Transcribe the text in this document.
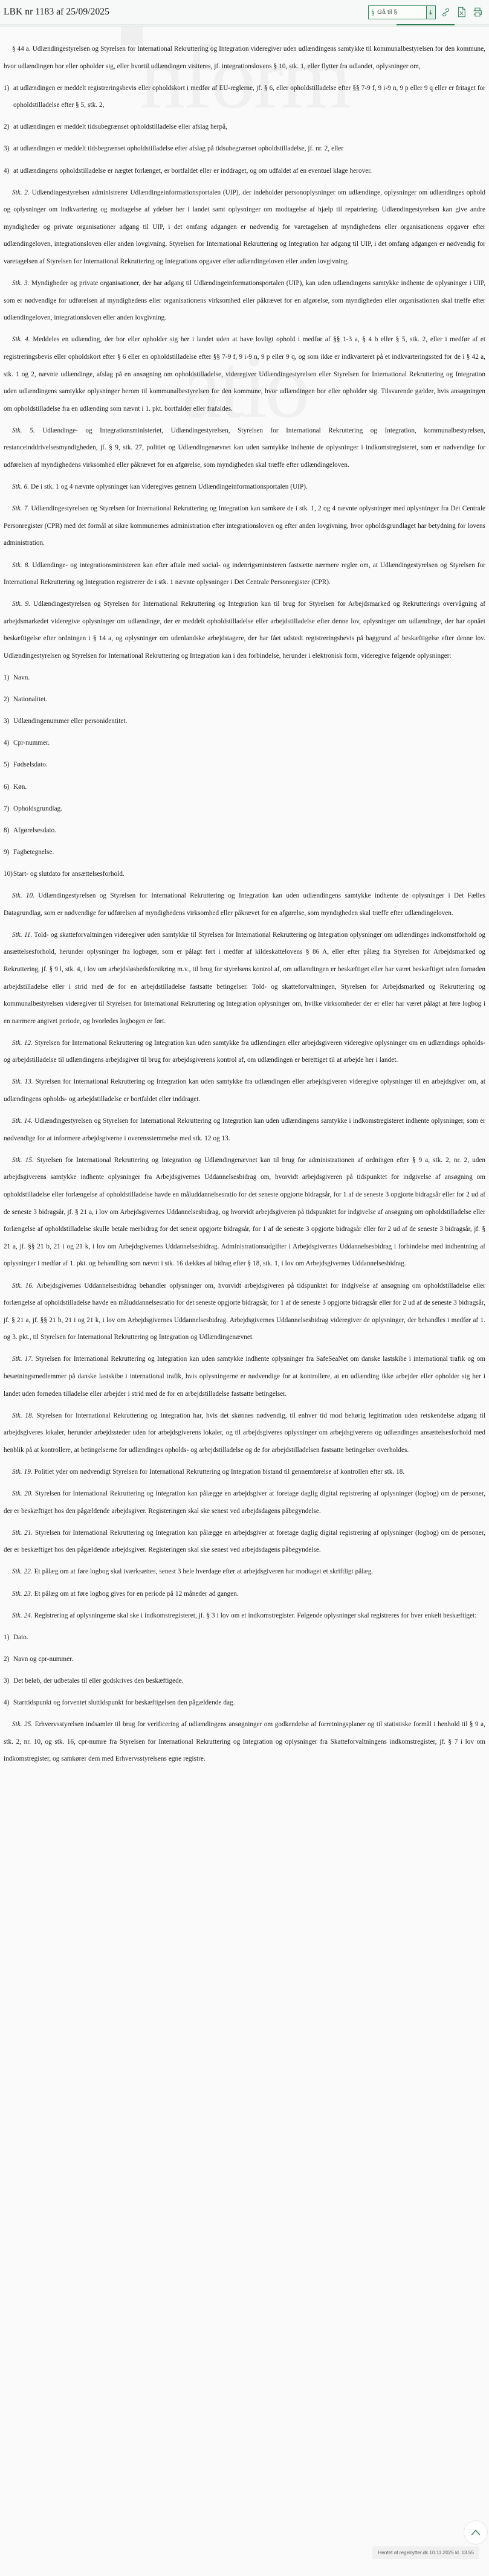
LBK nr 1183 af 25/09/2025	§ Gå til §

§ 44 a. Udlændingestyrelsen og Styrelsen for International Rekruttering og Integration videregiver uden udlændingens samtykke til kommunalbestyrelsen for den kommune, hvor udlændingen bor eller opholder sig, eller hvortil udlændingen visiteres, jf. integrationslovens § 10, stk. 1, eller flytter fra udlandet, oplysninger om,

1) at udlændingen er meddelt registreringsbevis eller opholdskort i medfør af EU-reglerne, jf. § 6, eller opholdstilladelse efter §§ 7-9 f, 9 i-9 n, 9 p eller 9 q eller er fritaget for opholdstilladelse efter § 5, stk. 2,

2) at udlændingen er meddelt tidsubegrænset opholdstilladelse eller afslag herpå,

3) at udlændingen er meddelt tidsbegrænset opholdstilladelse efter afslag på tidsubegrænset opholdstilladelse, jf. nr. 2, eller

4) at udlændingens opholdstilladelse er nægtet forlænget, er bortfaldet eller er inddraget, og om udfaldet af en eventuel klage herover.

Stk. 2. Udlændingestyrelsen administrerer Udlændingeinformationsportalen (UIP), der indeholder personoplysninger om udlændinge, oplysninger om udlændinges ophold og oplysninger om indkvartering og modtagelse af ydelser her i landet samt oplysninger om modtagelse af hjælp til repatriering. Udlændingestyrelsen kan give andre myndigheder og private organisationer adgang til UIP, i det omfang adgangen er nødvendig for varetagelsen af myndighedens eller organisationens opgaver efter udlændingeloven, integrationsloven eller anden lovgivning. Styrelsen for International Rekruttering og Integration har adgang til UIP, i det omfang adgangen er nødvendig for varetagelsen af Styrelsen for International Rekruttering og Integrations opgaver efter udlændingeloven eller anden lovgivning.

Stk. 3. Myndigheder og private organisationer, der har adgang til Udlændingeinformationsportalen (UIP), kan uden udlændingens samtykke indhente de oplysninger i UIP, som er nødvendige for udførelsen af myndighedens eller organisationens virksomhed eller påkrævet for en afgørelse, som myndigheden eller organisationen skal træffe efter udlændingeloven, integrationsloven eller anden lovgivning.

Stk. 4. Meddeles en udlænding, der bor eller opholder sig her i landet uden at have lovligt ophold i medfør af §§ 1-3 a, § 4 b eller § 5, stk. 2, eller i medfør af et registreringsbevis eller opholdskort efter § 6 eller en opholdstilladelse efter §§ 7-9 f, 9 i-9 n, 9 p eller 9 q, og som ikke er indkvarteret på et indkvarteringssted for de i § 42 a, stk. 1 og 2, nævnte udlændinge, afslag på en ansøgning om opholdstilladelse, videregiver Udlændingestyrelsen eller Styrelsen for International Rekruttering og Integration uden udlændingens samtykke oplysninger herom til kommunalbestyrelsen for den kommune, hvor udlændingen bor eller opholder sig. Tilsvarende gælder, hvis ansøgningen om opholdstilladelse fra en udlænding som nævnt i 1. pkt. bortfalder eller frafaldes.

Stk. 5. Udlændinge- og Integrationsministeriet, Udlændingestyrelsen, Styrelsen for International Rekruttering og Integration, kommunalbestyrelsen, restanceinddrivelsesmyndigheden, jf. § 9, stk. 27, politiet og Udlændingenævnet kan uden samtykke indhente de oplysninger i indkomstregisteret, som er nødvendige for udførelsen af myndighedens virksomhed eller påkrævet for en afgørelse, som myndigheden skal træffe efter udlændingeloven.

Stk. 6. De i stk. 1 og 4 nævnte oplysninger kan videregives gennem Udlændingeinformationsportalen (UIP).

Stk. 7. Udlændingestyrelsen og Styrelsen for International Rekruttering og Integration kan samkøre de i stk. 1, 2 og 4 nævnte oplysninger med oplysninger fra Det Centrale Personregister (CPR) med det formål at sikre kommunernes administration efter integrationsloven og efter anden lovgivning, hvor opholdsgrundlaget har betydning for lovens administration.

Stk. 8. Udlændinge- og integrationsministeren kan efter aftale med social- og indenrigsministeren fastsætte nærmere regler om, at Udlændingestyrelsen og Styrelsen for International Rekruttering og Integration registrerer de i stk. 1 nævnte oplysninger i Det Centrale Personregister (CPR).

Stk. 9. Udlændingestyrelsen og Styrelsen for International Rekruttering og Integration kan til brug for Styrelsen for Arbejdsmarked og Rekrutterings overvågning af arbejdsmarkedet videregive oplysninger om udlændinge, der er meddelt opholdstilladelse eller arbejdstilladelse efter denne lov, oplysninger om udlændinge, der har opnået beskæftigelse efter ordningen i § 14 a, og oplysninger om udenlandske arbejdstagere, der har fået udstedt registreringsbevis på baggrund af beskæftigelse efter denne lov. Udlændingestyrelsen og Styrelsen for International Rekruttering og Integration kan i den forbindelse, herunder i elektronisk form, videregive følgende oplysninger:

1) Navn.

2) Nationalitet.

3) Udlændingenummer eller personidentitet.

4) Cpr-nummer.

5) Fødselsdato.

6) Køn.

7) Opholdsgrundlag.

8) Afgørelsesdato.

9) Fagbetegnelse.

10)Start- og slutdato for ansættelsesforhold.

Stk. 10. Udlændingestyrelsen og Styrelsen for International Rekruttering og Integration kan uden udlændingens samtykke indhente de oplysninger i Det Fælles Datagrundlag, som er nødvendige for udførelsen af myndighedens virksomhed eller påkrævet for en afgørelse, som myndigheden skal træffe efter udlændingeloven.

Stk. 11. Told- og skatteforvaltningen videregiver uden samtykke til Styrelsen for International Rekruttering og Integration oplysninger om udlændinges indkomstforhold og ansættelsesforhold, herunder oplysninger fra logbøger, som er pålagt ført i medfør af kildeskattelovens § 86 A, eller efter pålæg fra Styrelsen for Arbejdsmarked og Rekruttering, jf. § 9 l, stk. 4, i lov om arbejdsløshedsforsikring m.v., til brug for styrelsens kontrol af, om udlændingen er beskæftiget eller har været beskæftiget uden fornøden arbejdstilladelse eller i strid med de for en arbejdstilladelse fastsatte betingelser. Told- og skatteforvaltningen, Styrelsen for Arbejdsmarked og Rekruttering og kommunalbestyrelsen videregiver til Styrelsen for International Rekruttering og Integration oplysninger om, hvilke virksomheder der er eller har været pålagt at føre logbog i en nærmere angivet periode, og hvorledes logbogen er ført.

Stk. 12. Styrelsen for International Rekruttering og Integration kan uden samtykke fra udlændingen eller arbejdsgiveren videregive oplysninger om en udlændings opholds- og arbejdstilladelse til udlændingens arbejdsgiver til brug for arbejdsgiverens kontrol af, om udlændingen er berettiget til at arbejde her i landet.

Stk. 13. Styrelsen for International Rekruttering og Integration kan uden samtykke fra udlændingen eller arbejdsgiveren videregive oplysninger til en arbejdsgiver om, at udlændingens opholds- og arbejdstilladelse er bortfaldet eller inddraget.

Stk. 14. Udlændingestyrelsen og Styrelsen for International Rekruttering og Integration kan uden udlændingens samtykke i indkomstregisteret indhente oplysninger, som er nødvendige for at informere arbejdsgiverne i overensstemmelse med stk. 12 og 13.

Stk. 15. Styrelsen for International Rekruttering og Integration og Udlændingenævnet kan til brug for administrationen af ordningen efter § 9 a, stk. 2, nr. 2, uden arbejdsgiverens samtykke indhente oplysninger fra Arbejdsgivernes Uddannelsesbidrag om, hvorvidt arbejdsgiveren på tidspunktet for indgivelse af ansøgning om opholdstilladelse eller forlængelse af opholdstilladelse havde en måluddannelsesratio for det seneste opgjorte bidragsår, for 1 af de seneste 3 opgjorte bidragsår eller for 2 ud af de seneste 3 bidragsår, jf. § 21 a, i lov om Arbejdsgivernes Uddannelsesbidrag, og hvorvidt arbejdsgiveren på tidspunktet for indgivelse af ansøgning om opholdstilladelse eller forlængelse af opholdstilladelse skulle betale merbidrag for det senest opgjorte bidragsår, for 1 af de seneste 3 opgjorte bidragsår eller for 2 ud af de seneste 3 bidragsår, jf. § 21 a, jf. §§ 21 b, 21 i og 21 k, i lov om Arbejdsgivernes Uddannelsesbidrag. Administrationsudgifter i Arbejdsgivernes Uddannelsesbidrag i forbindelse med indhentning af oplysninger i medfør af 1. pkt. og behandling som nævnt i stk. 16 dækkes af bidrag efter § 18, stk. 1, i lov om Arbejdsgivernes Uddannelsesbidrag.

Stk. 16. Arbejdsgivernes Uddannelsesbidrag behandler oplysninger om, hvorvidt arbejdsgiveren på tidspunktet for indgivelse af ansøgning om opholdstilladelse eller forlængelse af opholdstilladelse havde en måluddannelsesratio for det seneste opgjorte bidragsår, for 1 af de seneste 3 opgjorte bidragsår eller for 2 ud af de seneste 3 bidragsår, jf. § 21 a, jf. §§ 21 b, 21 i og 21 k, i lov om Arbejdsgivernes Uddannelsesbidrag. Arbejdsgivernes Uddannelsesbidrag videregiver de oplysninger, der behandles i medfør af 1. og 3. pkt., til Styrelsen for International Rekruttering og Integration og Udlændingenævnet.

Stk. 17. Styrelsen for International Rekruttering og Integration kan uden samtykke indhente oplysninger fra SafeSeaNet om danske lastskibe i international trafik og om besætningsmedlemmer på danske lastskibe i international trafik, hvis oplysningerne er nødvendige for at kontrollere, at en udlænding ikke arbejder eller opholder sig her i landet uden fornøden tilladelse eller arbejder i strid med de for en arbejdstilladelse fastsatte betingelser.

Stk. 18. Styrelsen for International Rekruttering og Integration har, hvis det skønnes nødvendig, til enhver tid mod behørig legitimation uden retskendelse adgang til arbejdsgiveres lokaler, herunder arbejdssteder uden for arbejdsgiverens lokaler, og til arbejdsgiveres oplysninger om arbejdsgiverens og udlændinges ansættelsesforhold med henblik på at kontrollere, at betingelserne for udlændinges opholds- og arbejdstilladelse og de for arbejdstilladelsen fastsatte betingelser overholdes.

Stk. 19. Politiet yder om nødvendigt Styrelsen for International Rekruttering og Integration bistand til gennemførelse af kontrollen efter stk. 18.

Stk. 20. Styrelsen for International Rekruttering og Integration kan pålægge en arbejdsgiver at foretage daglig digital registrering af oplysninger (logbog) om de personer, der er beskæftiget hos den pågældende arbejdsgiver. Registeringen skal ske senest ved arbejdsdagens påbegyndelse.

Stk. 21. Styrelsen for International Rekruttering og Integration kan pålægge en arbejdsgiver at foretage daglig digital registrering af oplysninger (logbog) om de personer, der er beskæftiget hos den pågældende arbejdsgiver. Registeringen skal ske senest ved arbejdsdagens påbegyndelse.

Stk. 22. Et pålæg om at føre logbog skal iværksættes, senest 3 hele hverdage efter at arbejdsgiveren har modtaget et skriftligt pålæg.

Stk. 23. Et pålæg om at føre logbog gives for en periode på 12 måneder ad gangen.

Stk. 24. Registrering af oplysningerne skal ske i indkomstregisteret, jf. § 3 i lov om et indkomstregister. Følgende oplysninger skal registreres for hver enkelt beskæftiget:

1) Dato.

2) Navn og cpr-nummer.

3) Det beløb, der udbetales til eller godskrives den beskæftigede.

4) Starttidspunkt og forventet sluttidspunkt for beskæftigelsen den pågældende dag.

Stk. 25. Erhvervsstyrelsen indsamler til brug for verificering af udlændingens ansøgninger om godkendelse af forretningsplaner og til statistiske formål i henhold til § 9 a, stk. 2, nr. 10, og stk. 16, cpr-numre fra Styrelsen for International Rekruttering og Integration og oplysninger fra Skatteforvaltningens indkomstregister, jf. § 7 i lov om indkomstregister, og samkører dem med Erhvervsstyrelsens egne registre.

Hentet af regelrytter.dk 10.11.2025 kl. 13.55
